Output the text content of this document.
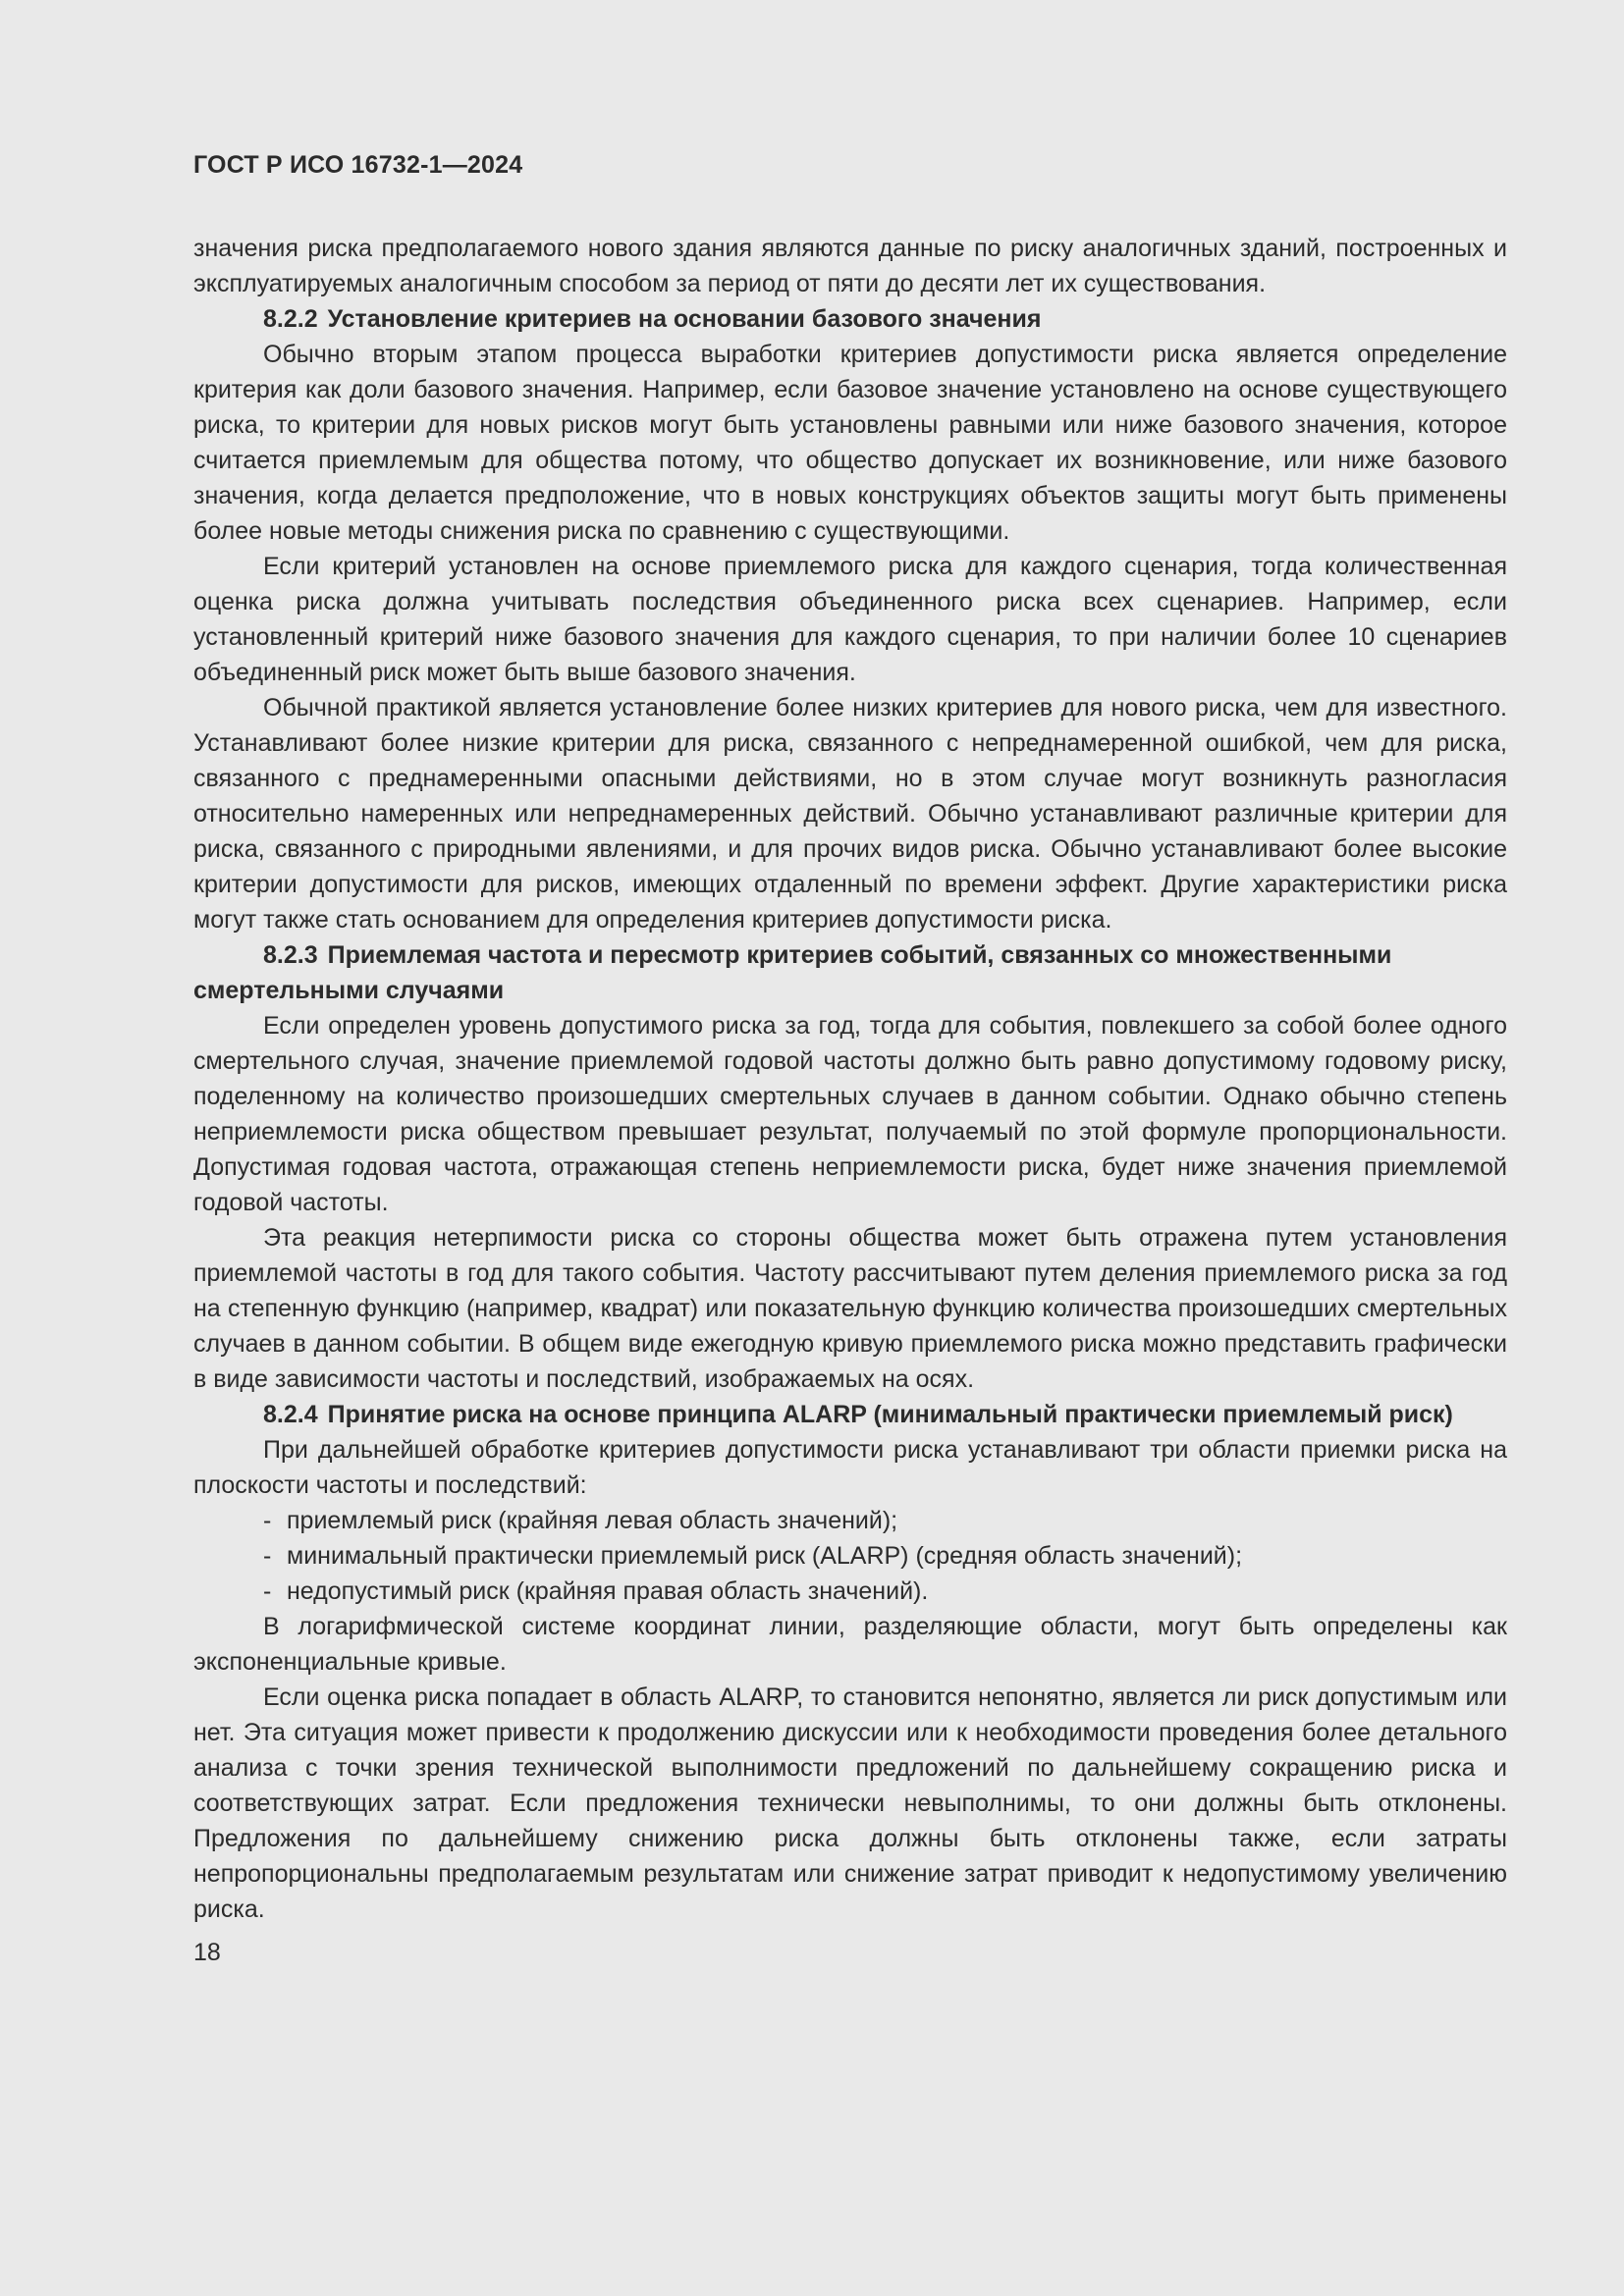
ГОСТ Р ИСО 16732-1—2024

значения риска предполагаемого нового здания являются данные по риску аналогичных зданий, построенных и эксплуатируемых аналогичным способом за период от пяти до десяти лет их существования.

8.2.2 Установление критериев на основании базового значения

Обычно вторым этапом процесса выработки критериев допустимости риска является определение критерия как доли базового значения. Например, если базовое значение установлено на основе существующего риска, то критерии для новых рисков могут быть установлены равными или ниже базового значения, которое считается приемлемым для общества потому, что общество допускает их возникновение, или ниже базового значения, когда делается предположение, что в новых конструкциях объектов защиты могут быть применены более новые методы снижения риска по сравнению с существующими.

Если критерий установлен на основе приемлемого риска для каждого сценария, тогда количественная оценка риска должна учитывать последствия объединенного риска всех сценариев. Например, если установленный критерий ниже базового значения для каждого сценария, то при наличии более 10 сценариев объединенный риск может быть выше базового значения.

Обычной практикой является установление более низких критериев для нового риска, чем для известного. Устанавливают более низкие критерии для риска, связанного с непреднамеренной ошибкой, чем для риска, связанного с преднамеренными опасными действиями, но в этом случае могут возникнуть разногласия относительно намеренных или непреднамеренных действий. Обычно устанавливают различные критерии для риска, связанного с природными явлениями, и для прочих видов риска. Обычно устанавливают более высокие критерии допустимости для рисков, имеющих отдаленный по времени эффект. Другие характеристики риска могут также стать основанием для определения критериев допустимости риска.

8.2.3 Приемлемая частота и пересмотр критериев событий, связанных со множественными смертельными случаями

Если определен уровень допустимого риска за год, тогда для события, повлекшего за собой более одного смертельного случая, значение приемлемой годовой частоты должно быть равно допустимому годовому риску, поделенному на количество произошедших смертельных случаев в данном событии. Однако обычно степень неприемлемости риска обществом превышает результат, получаемый по этой формуле пропорциональности. Допустимая годовая частота, отражающая степень неприемлемости риска, будет ниже значения приемлемой годовой частоты.

Эта реакция нетерпимости риска со стороны общества может быть отражена путем установления приемлемой частоты в год для такого события. Частоту рассчитывают путем деления приемлемого риска за год на степенную функцию (например, квадрат) или показательную функцию количества произошедших смертельных случаев в данном событии. В общем виде ежегодную кривую приемлемого риска можно представить графически в виде зависимости частоты и последствий, изображаемых на осях.

8.2.4 Принятие риска на основе принципа ALARP (минимальный практически приемлемый риск)

При дальнейшей обработке критериев допустимости риска устанавливают три области приемки риска на плоскости частоты и последствий:

- приемлемый риск (крайняя левая область значений);
- минимальный практически приемлемый риск (ALARP) (средняя область значений);
- недопустимый риск (крайняя правая область значений).

В логарифмической системе координат линии, разделяющие области, могут быть определены как экспоненциальные кривые.

Если оценка риска попадает в область ALARP, то становится непонятно, является ли риск допустимым или нет. Эта ситуация может привести к продолжению дискуссии или к необходимости проведения более детального анализа с точки зрения технической выполнимости предложений по дальнейшему сокращению риска и соответствующих затрат. Если предложения технически невыполнимы, то они должны быть отклонены. Предложения по дальнейшему снижению риска должны быть отклонены также, если затраты непропорциональны предполагаемым результатам или снижение затрат приводит к недопустимому увеличению риска.

18
